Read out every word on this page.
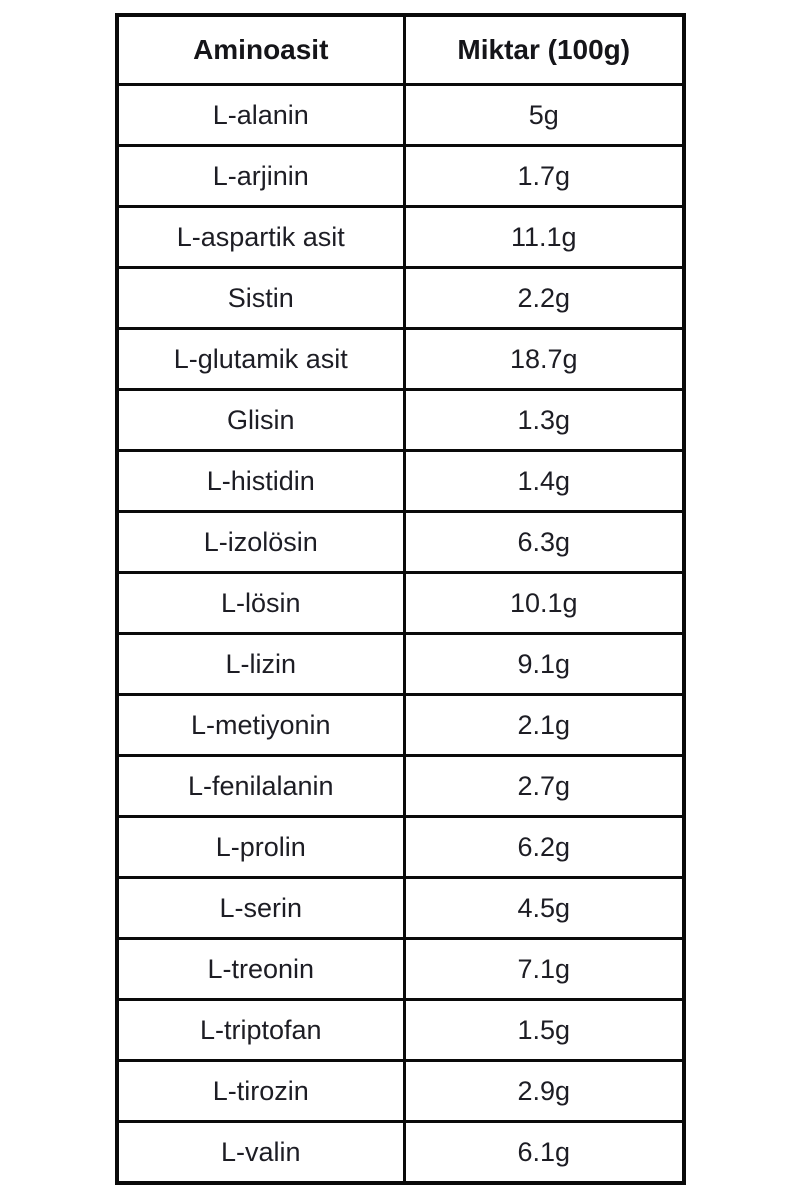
Aminoasit	Miktar (100g)
L-alanin	5g
L-arjinin	1.7g
L-aspartik asit	11.1g
Sistin	2.2g
L-glutamik asit	18.7g
Glisin	1.3g
L-histidin	1.4g
L-izolösin	6.3g
L-lösin	10.1g
L-lizin	9.1g
L-metiyonin	2.1g
L-fenilalanin	2.7g
L-prolin	6.2g
L-serin	4.5g
L-treonin	7.1g
L-triptofan	1.5g
L-tirozin	2.9g
L-valin	6.1g
